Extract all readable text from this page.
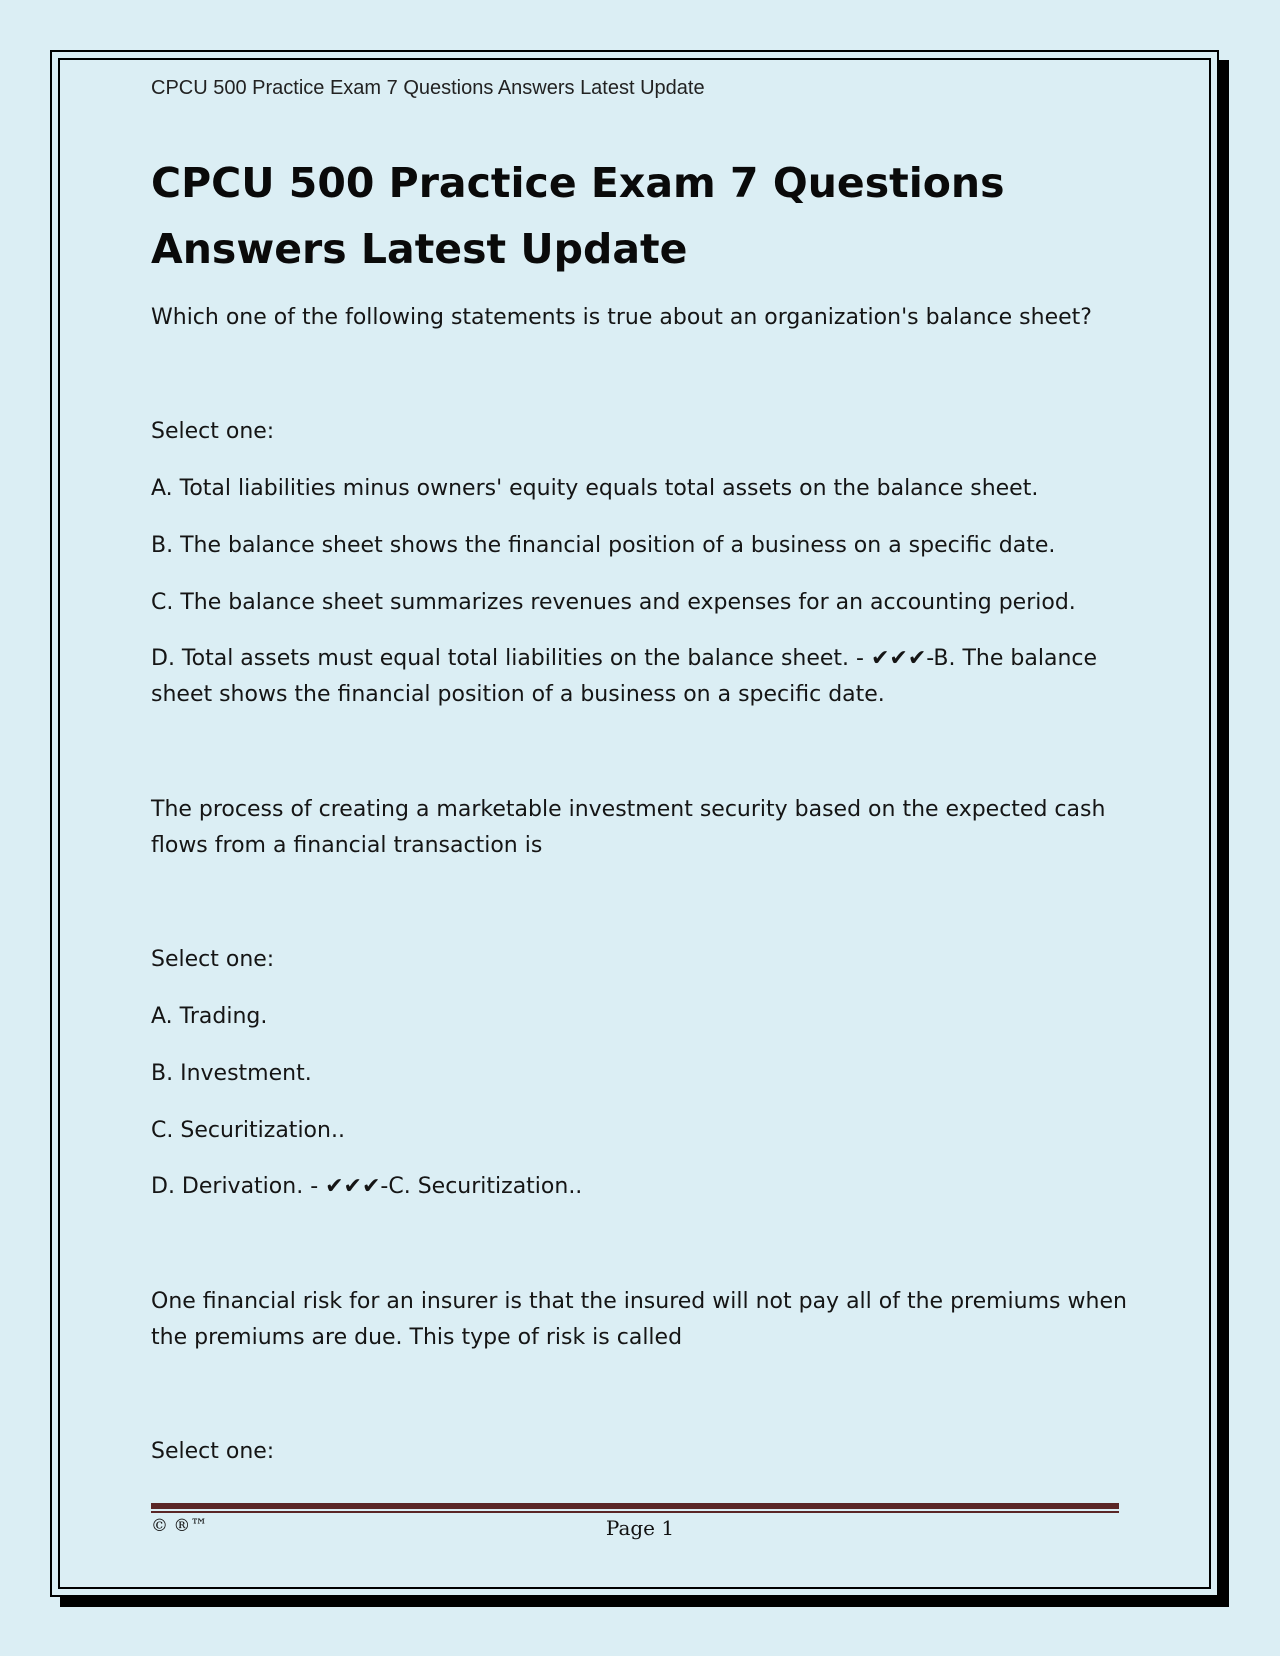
CPCU 500 Practice Exam 7 Questions Answers Latest Update
CPCU 500 Practice Exam 7 Questions Answers Latest Update

Which one of the following statements is true about an organization's balance sheet?

Select one:

A. Total liabilities minus owners' equity equals total assets on the balance sheet.

B. The balance sheet shows the financial position of a business on a specific date.

C. The balance sheet summarizes revenues and expenses for an accounting period.

D. Total assets must equal total liabilities on the balance sheet. - ✔✔✔-B. The balance sheet shows the financial position of a business on a specific date.

The process of creating a marketable investment security based on the expected cash flows from a financial transaction is

Select one:

A. Trading.

B. Investment.

C. Securitization..

D. Derivation. - ✔✔✔-C. Securitization..

One financial risk for an insurer is that the insured will not pay all of the premiums when the premiums are due. This type of risk is called

Select one:

Page 1
© ®™
